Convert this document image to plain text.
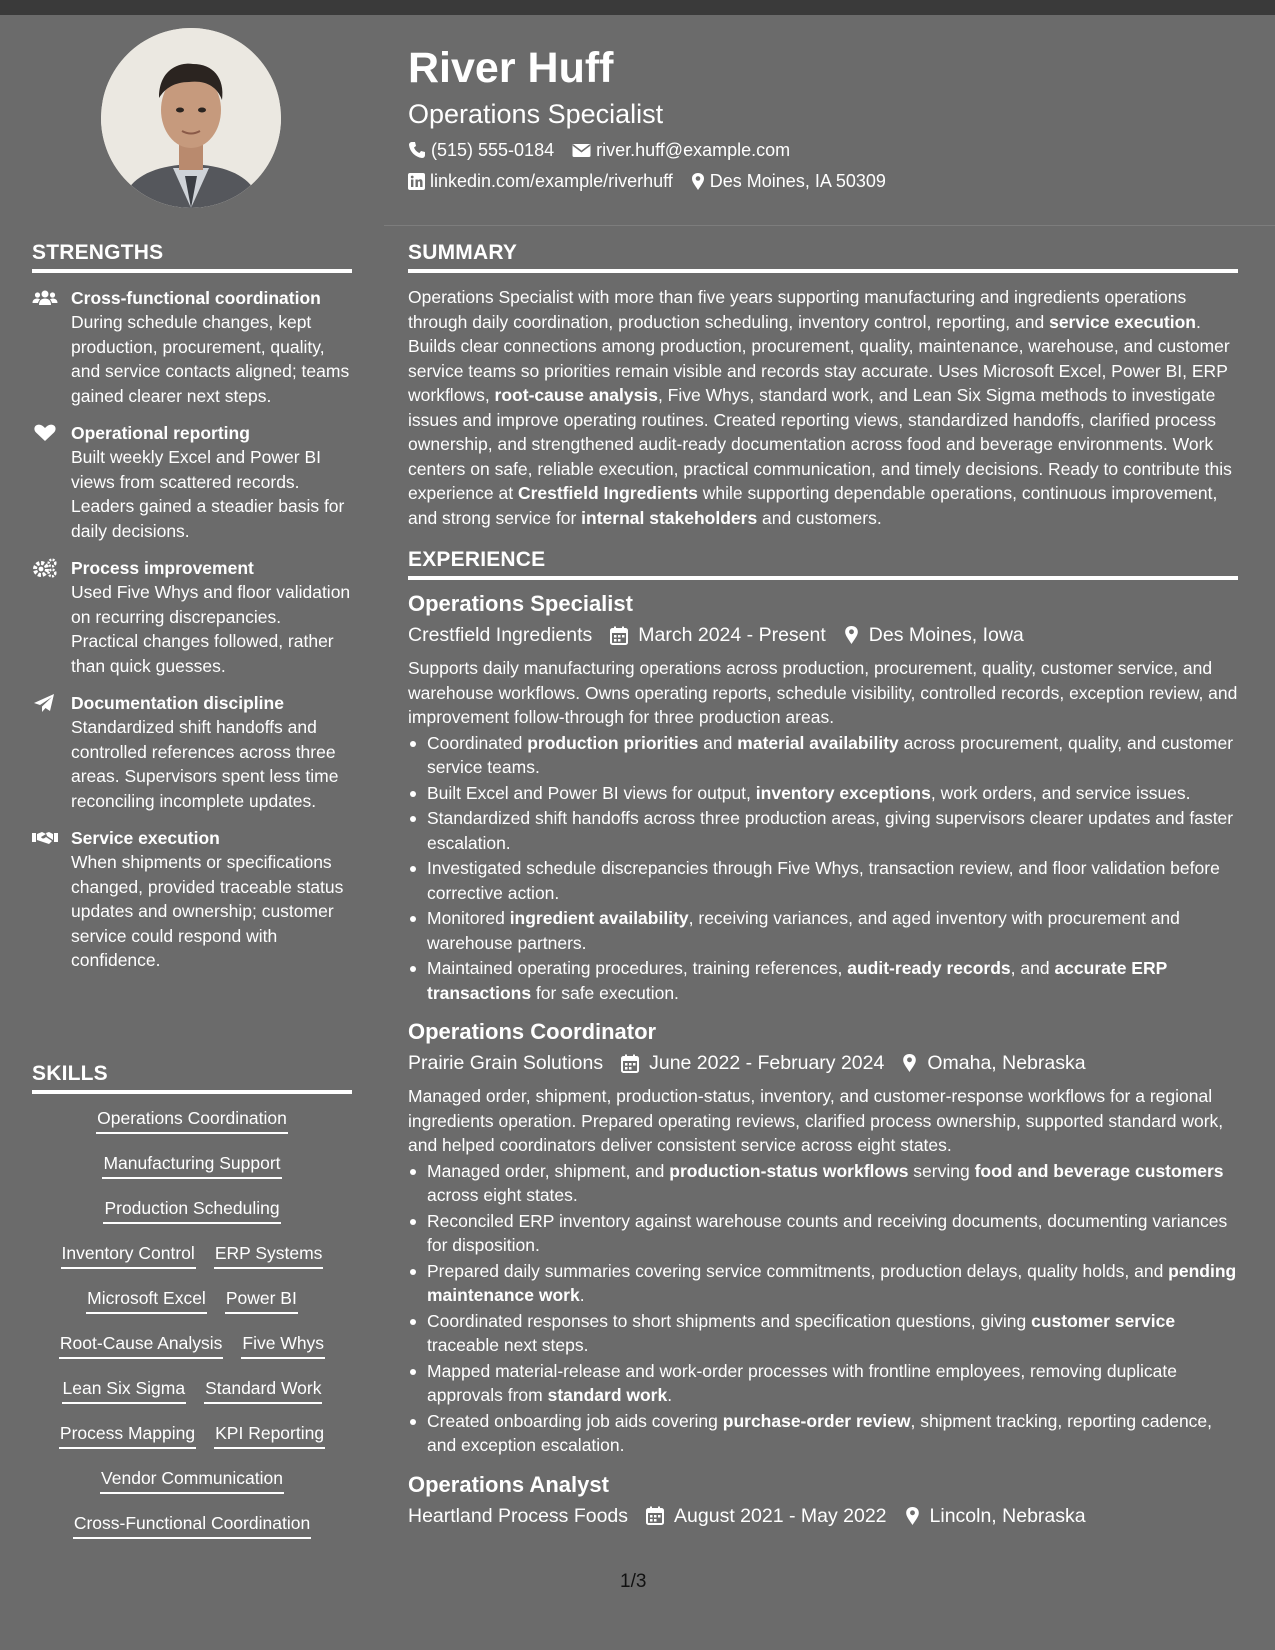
STRENGTHS
Cross-functional coordination
During schedule changes, kept production, procurement, quality, and service contacts aligned; teams gained clearer next steps.
Operational reporting
Built weekly Excel and Power BI views from scattered records. Leaders gained a steadier basis for daily decisions.
Process improvement
Used Five Whys and floor validation on recurring discrepancies. Practical changes followed, rather than quick guesses.
Documentation discipline
Standardized shift handoffs and controlled references across three areas. Supervisors spent less time reconciling incomplete updates.
Service execution
When shipments or specifications changed, provided traceable status updates and ownership; customer service could respond with confidence.
SKILLS
Operations Coordination
Manufacturing Support
Production Scheduling
Inventory Control ERP Systems
Microsoft Excel Power BI
Root-Cause Analysis Five Whys
Lean Six Sigma Standard Work
Process Mapping KPI Reporting
Vendor Communication
Cross-Functional Coordination
River Huff
Operations Specialist
(515) 555-0184 river.huff@example.com
linkedin.com/example/riverhuff Des Moines, IA 50309
SUMMARY

Operations Specialist with more than five years supporting manufacturing and ingredients operations through daily coordination, production scheduling, inventory control, reporting, and service execution. Builds clear connections among production, procurement, quality, maintenance, warehouse, and customer service teams so priorities remain visible and records stay accurate. Uses Microsoft Excel, Power BI, ERP workflows, root-cause analysis, Five Whys, standard work, and Lean Six Sigma methods to investigate issues and improve operating routines. Created reporting views, standardized handoffs, clarified process ownership, and strengthened audit-ready documentation across food and beverage environments. Work centers on safe, reliable execution, practical communication, and timely decisions. Ready to contribute this experience at Crestfield Ingredients while supporting dependable operations, continuous improvement, and strong service for internal stakeholders and customers.

EXPERIENCE
Operations Specialist
Crestfield Ingredients March 2024 - Present Des Moines, Iowa
Supports daily manufacturing operations across production, procurement, quality, customer service, and warehouse workflows. Owns operating reports, schedule visibility, controlled records, exception review, and improvement follow-through for three production areas.
Coordinated production priorities and material availability across procurement, quality, and customer service teams.
Built Excel and Power BI views for output, inventory exceptions, work orders, and service issues.
Standardized shift handoffs across three production areas, giving supervisors clearer updates and faster escalation.
Investigated schedule discrepancies through Five Whys, transaction review, and floor validation before corrective action.
Monitored ingredient availability, receiving variances, and aged inventory with procurement and warehouse partners.
Maintained operating procedures, training references, audit-ready records, and accurate ERP transactions for safe execution.
Operations Coordinator
Prairie Grain Solutions June 2022 - February 2024 Omaha, Nebraska
Managed order, shipment, production-status, inventory, and customer-response workflows for a regional ingredients operation. Prepared operating reviews, clarified process ownership, supported standard work, and helped coordinators deliver consistent service across eight states.
Managed order, shipment, and production-status workflows serving food and beverage customers across eight states.
Reconciled ERP inventory against warehouse counts and receiving documents, documenting variances for disposition.
Prepared daily summaries covering service commitments, production delays, quality holds, and pending maintenance work.
Coordinated responses to short shipments and specification questions, giving customer service traceable next steps.
Mapped material-release and work-order processes with frontline employees, removing duplicate approvals from standard work.
Created onboarding job aids covering purchase-order review, shipment tracking, reporting cadence, and exception escalation.
Operations Analyst
Heartland Process Foods August 2021 - May 2022 Lincoln, Nebraska
1/3
